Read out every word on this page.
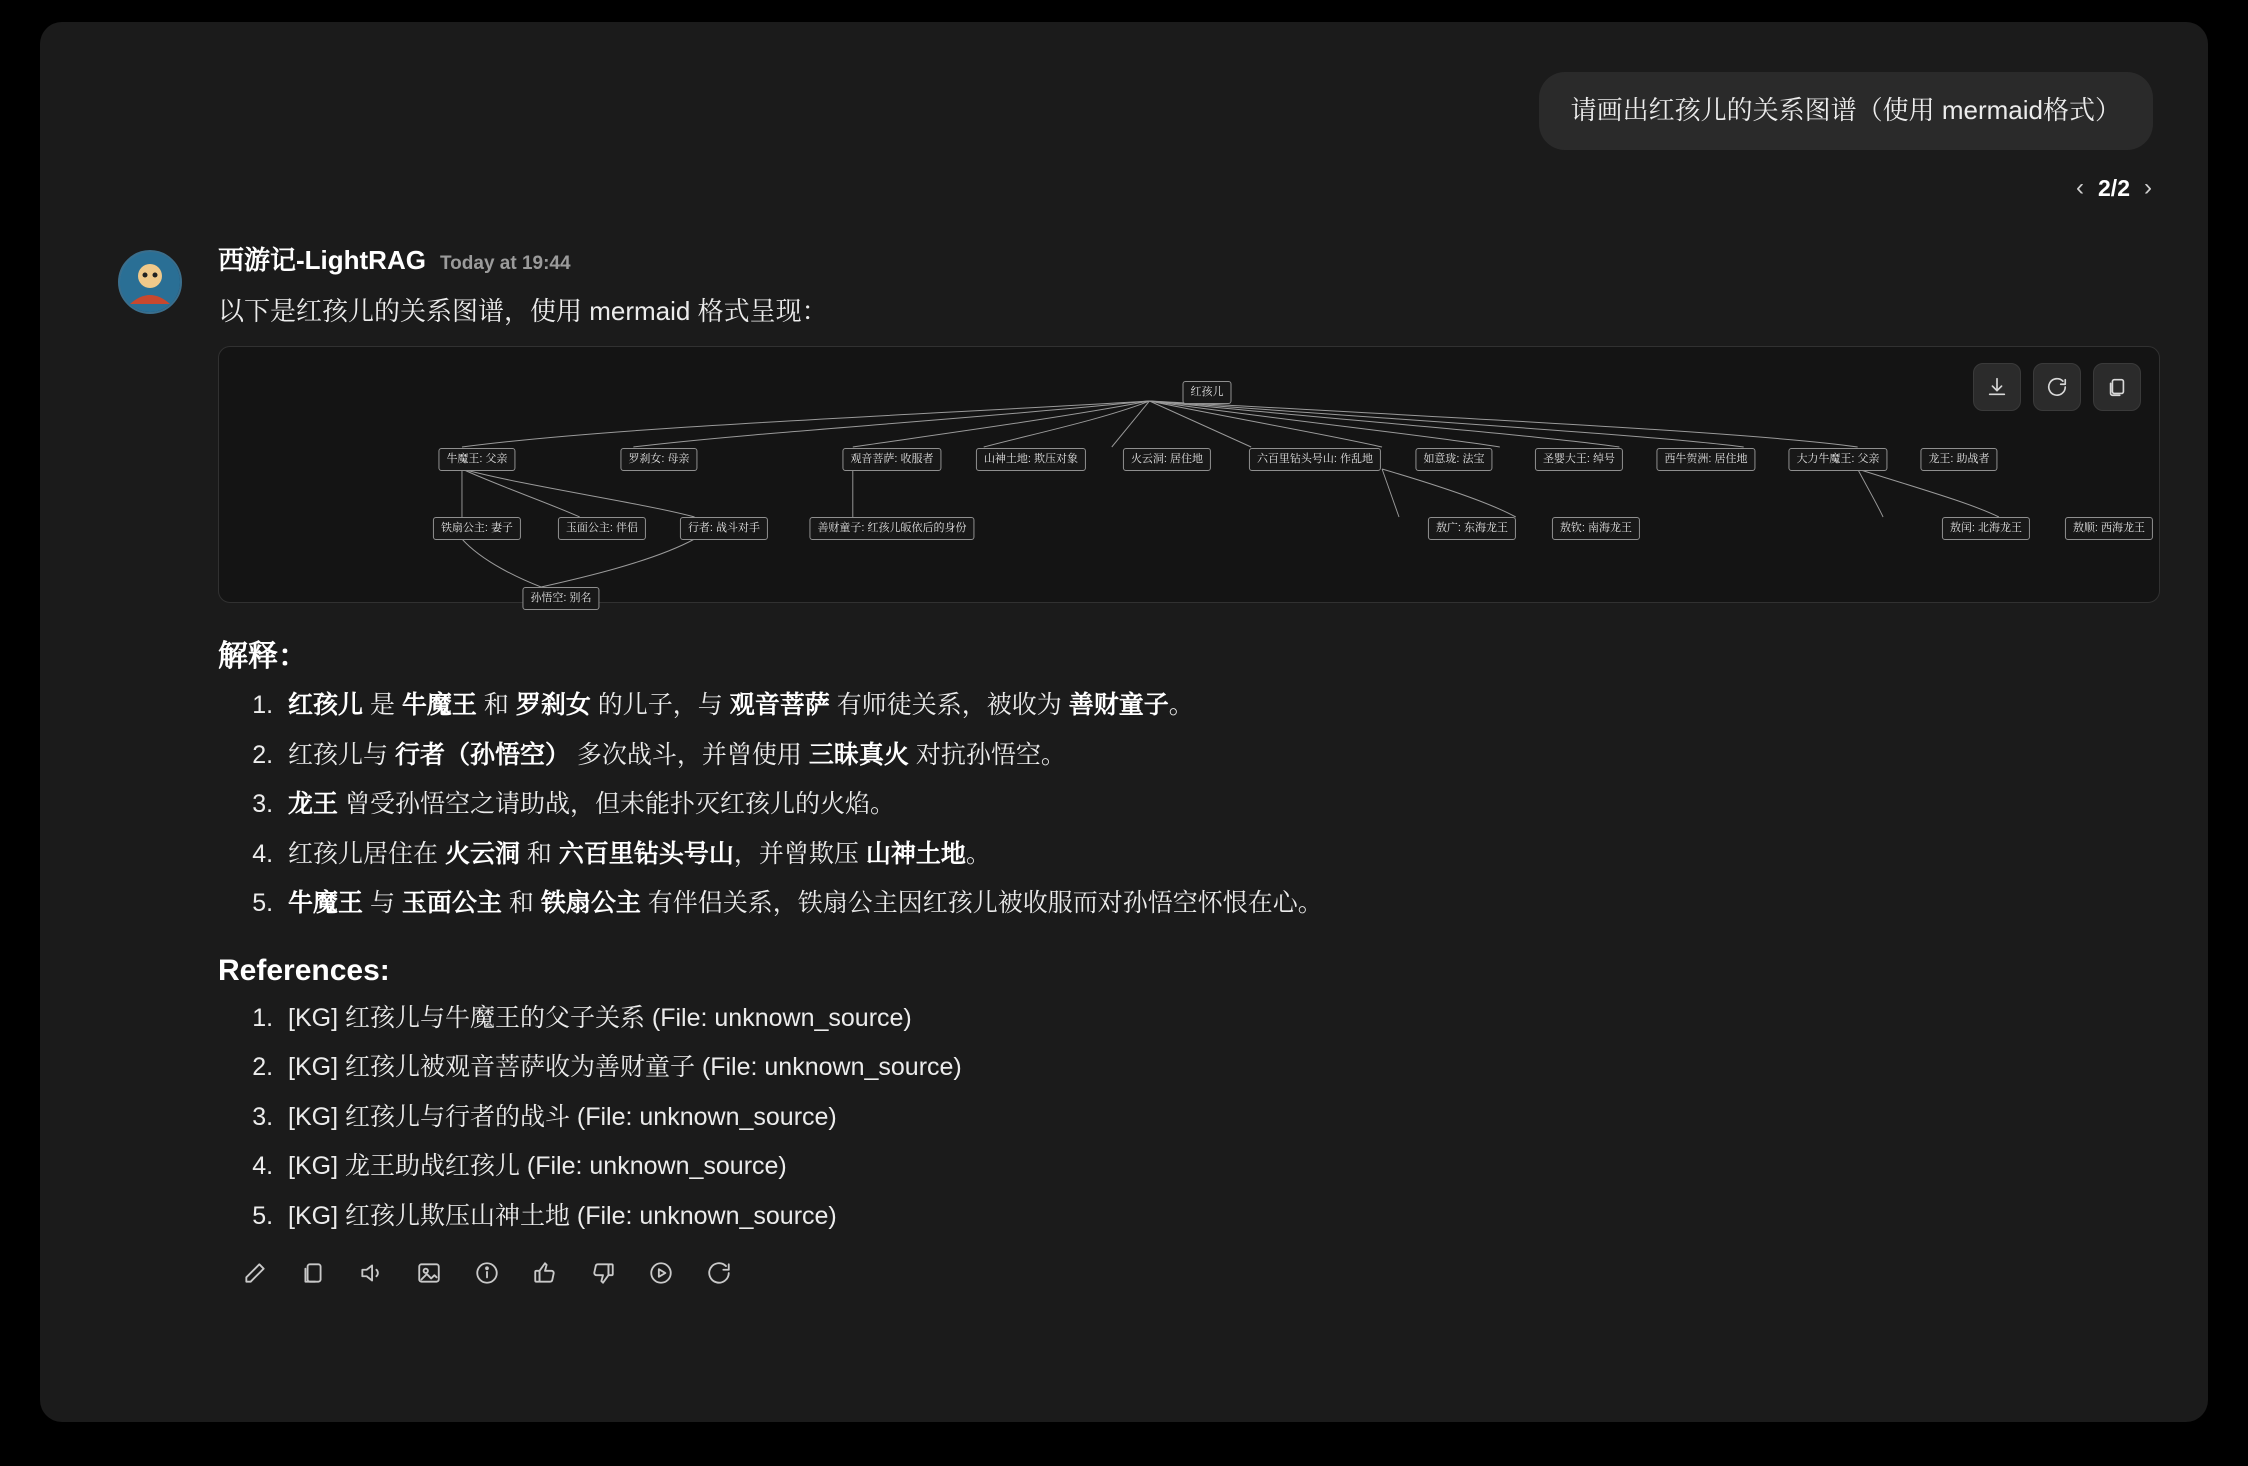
请画出红孩儿的关系图谱（使用 mermaid格式）
‹ 2/2 ›
西游记-LightRAG Today at 19:44
以下是红孩儿的关系图谱，使用 mermaid 格式呈现：
红孩儿
牛魔王: 父亲	罗刹女: 母亲	观音菩萨: 收服者	山神土地: 欺压对象	火云洞: 居住地	六百里钻头号山: 作乱地	如意珑: 法宝	圣婴大王: 绰号	西牛贺洲: 居住地	大力牛魔王: 父亲	龙王: 助战者
铁扇公主: 妻子	玉面公主: 伴侣	行者: 战斗对手	善财童子: 红孩儿皈依后的身份	敖广: 东海龙王	敖钦: 南海龙王	敖闰: 北海龙王	敖顺: 西海龙王
孙悟空: 别名
解释：
1. 红孩儿 是 牛魔王 和 罗刹女 的儿子，与 观音菩萨 有师徒关系，被收为 善财童子。
2. 红孩儿与 行者（孙悟空） 多次战斗，并曾使用 三昧真火 对抗孙悟空。
3. 龙王 曾受孙悟空之请助战，但未能扑灭红孩儿的火焰。
4. 红孩儿居住在 火云洞 和 六百里钻头号山，并曾欺压 山神土地。
5. 牛魔王 与 玉面公主 和 铁扇公主 有伴侣关系，铁扇公主因红孩儿被收服而对孙悟空怀恨在心。
References:
1. [KG] 红孩儿与牛魔王的父子关系 (File: unknown_source)
2. [KG] 红孩儿被观音菩萨收为善财童子 (File: unknown_source)
3. [KG] 红孩儿与行者的战斗 (File: unknown_source)
4. [KG] 龙王助战红孩儿 (File: unknown_source)
5. [KG] 红孩儿欺压山神土地 (File: unknown_source)
